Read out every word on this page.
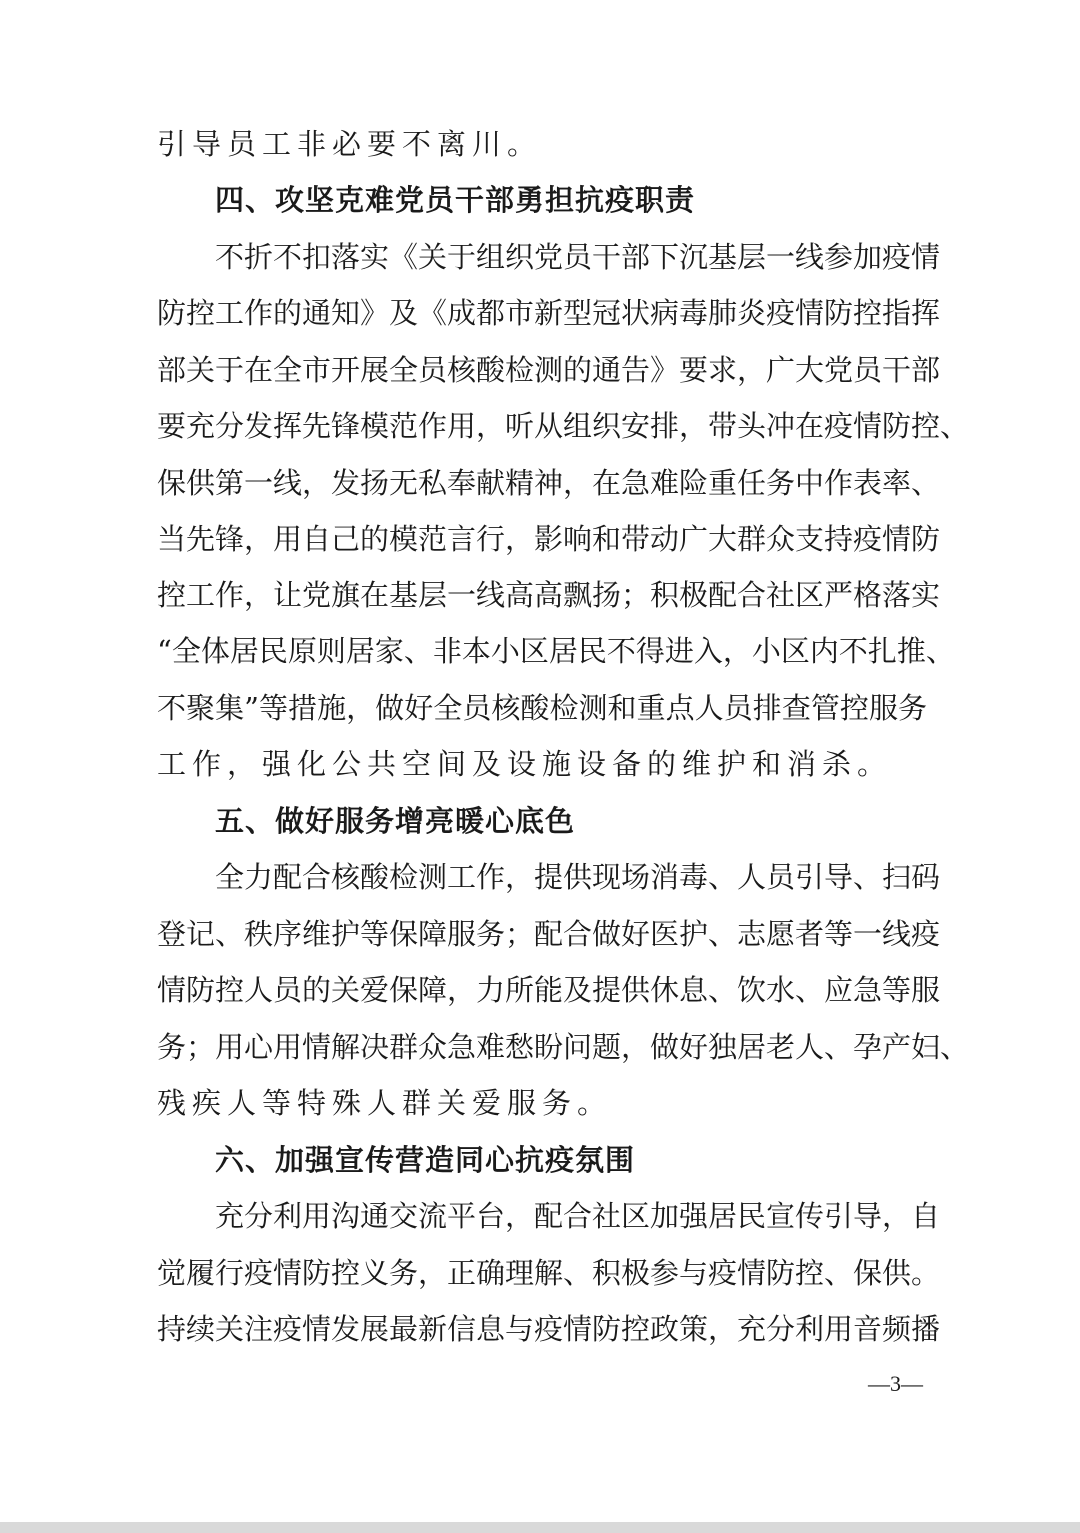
引导员工非必要不离川。
四、攻坚克难党员干部勇担抗疫职责
不折不扣落实《关于组织党员干部下沉基层一线参加疫情
防控工作的通知》及《成都市新型冠状病毒肺炎疫情防控指挥
部关于在全市开展全员核酸检测的通告》要求，广大党员干部
要充分发挥先锋模范作用，听从组织安排，带头冲在疫情防控、
保供第一线，发扬无私奉献精神，在急难险重任务中作表率、
当先锋，用自己的模范言行，影响和带动广大群众支持疫情防
控工作，让党旗在基层一线高高飘扬；积极配合社区严格落实
“全体居民原则居家、非本小区居民不得进入，小区内不扎推、
不聚集”等措施，做好全员核酸检测和重点人员排查管控服务
工作，强化公共空间及设施设备的维护和消杀。
五、做好服务增亮暖心底色
全力配合核酸检测工作，提供现场消毒、人员引导、扫码
登记、秩序维护等保障服务；配合做好医护、志愿者等一线疫
情防控人员的关爱保障，力所能及提供休息、饮水、应急等服
务；用心用情解决群众急难愁盼问题，做好独居老人、孕产妇、
残疾人等特殊人群关爱服务。
六、加强宣传营造同心抗疫氛围
充分利用沟通交流平台，配合社区加强居民宣传引导，自
觉履行疫情防控义务，正确理解、积极参与疫情防控、保供。
持续关注疫情发展最新信息与疫情防控政策，充分利用音频播
—3—
